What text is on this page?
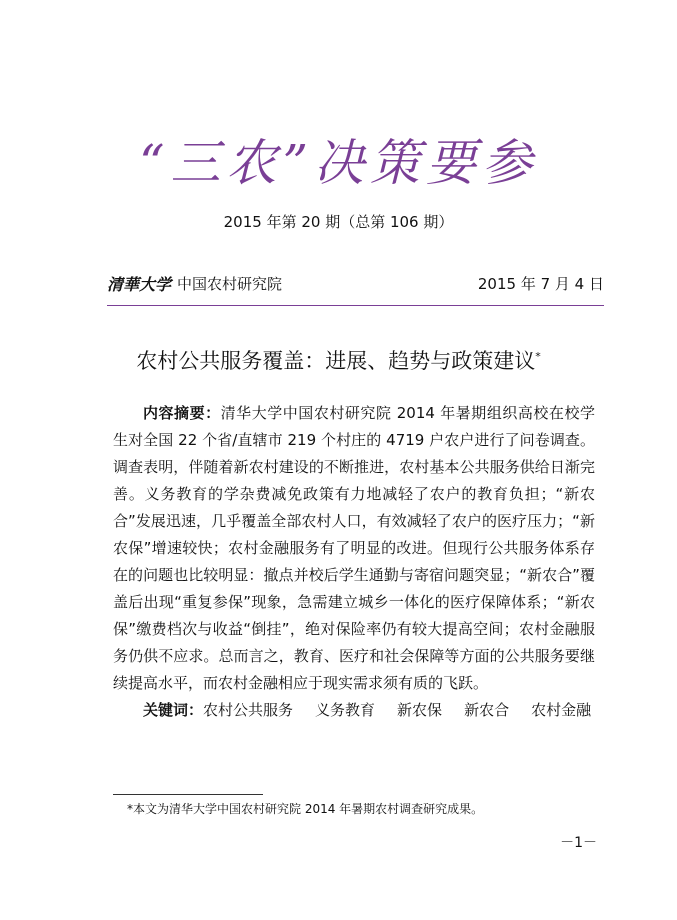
“三农”决策要参
2015 年第 20 期（总第 106 期）
清華大学 中国农村研究院	2015 年 7 月 4 日
农村公共服务覆盖：进展、趋势与政策建议*

内容摘要：清华大学中国农村研究院 2014 年暑期组织高校在校学生对全国 22 个省/直辖市 219 个村庄的 4719 户农户进行了问卷调查。调查表明，伴随着新农村建设的不断推进，农村基本公共服务供给日渐完善。义务教育的学杂费减免政策有力地减轻了农户的教育负担；“新农合”发展迅速，几乎覆盖全部农村人口，有效减轻了农户的医疗压力；“新农保”增速较快；农村金融服务有了明显的改进。但现行公共服务体系存在的问题也比较明显：撤点并校后学生通勤与寄宿问题突显；“新农合”覆盖后出现“重复参保”现象，急需建立城乡一体化的医疗保障体系；“新农保”缴费档次与收益“倒挂”，绝对保险率仍有较大提高空间；农村金融服务仍供不应求。总而言之，教育、医疗和社会保障等方面的公共服务要继续提高水平，而农村金融相应于现实需求须有质的飞跃。

关键词：农村公共服务 义务教育 新农保 新农合 农村金融

*本文为清华大学中国农村研究院 2014 年暑期农村调查研究成果。
－1－
